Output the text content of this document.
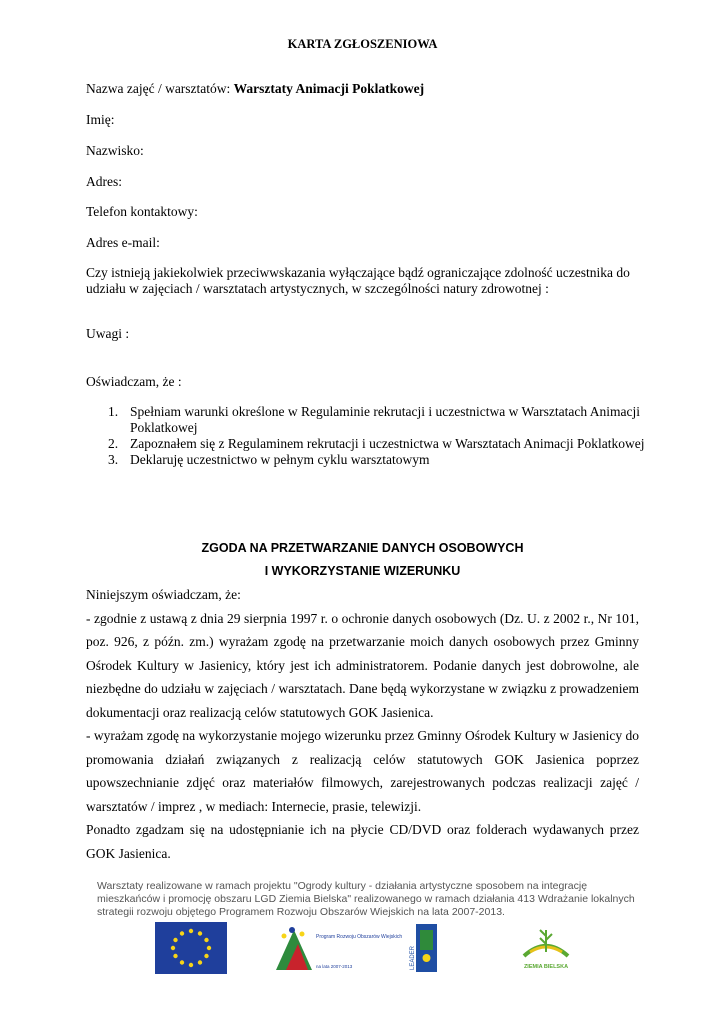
KARTA ZGŁOSZENIOWA
Nazwa zajęć / warsztatów: Warsztaty Animacji Poklatkowej
Imię:
Nazwisko:
Adres:
Telefon kontaktowy:
Adres e-mail:
Czy istnieją jakiekolwiek przeciwwskazania wyłączające bądź ograniczające zdolność uczestnika do udziału w zajęciach / warsztatach artystycznych, w szczególności natury zdrowotnej :
Uwagi :
Oświadczam, że :
1. Spełniam warunki określone w Regulaminie rekrutacji i uczestnictwa w Warsztatach Animacji Poklatkowej
2. Zapoznałem się z Regulaminem rekrutacji i uczestnictwa w Warsztatach Animacji Poklatkowej
3. Deklaruję uczestnictwo w pełnym cyklu warsztatowym
ZGODA NA PRZETWARZANIE DANYCH OSOBOWYCH
I WYKORZYSTANIE WIZERUNKU

Niniejszym oświadczam, że:

- zgodnie z ustawą z dnia 29 sierpnia 1997 r. o ochronie danych osobowych (Dz. U. z 2002 r., Nr 101, poz. 926, z późn. zm.) wyrażam zgodę na przetwarzanie moich danych osobowych przez Gminny Ośrodek Kultury w Jasienicy, który jest ich administratorem. Podanie danych jest dobrowolne, ale niezbędne do udziału w zajęciach / warsztatach. Dane będą wykorzystane w związku z prowadzeniem dokumentacji oraz realizacją celów statutowych GOK Jasienica.

- wyrażam zgodę na wykorzystanie mojego wizerunku przez Gminny Ośrodek Kultury w Jasienicy do promowania działań związanych z realizacją celów statutowych GOK Jasienica poprzez upowszechnianie zdjęć oraz materiałów filmowych, zarejestrowanych podczas realizacji zajęć / warsztatów / imprez , w mediach: Internecie, prasie, telewizji.

Ponadto zgadzam się na udostępnianie ich na płycie CD/DVD oraz folderach wydawanych przez GOK Jasienica.

Warsztaty realizowane w ramach projektu "Ogrody kultury - działania artystyczne sposobem na integrację mieszkańców i promocję obszaru LGD Ziemia Bielska" realizowanego w ramach działania 413 Wdrażanie lokalnych strategii rozwoju objętego Programem Rozwoju Obszarów Wiejskich na lata 2007-2013.
Program Rozwoju Obszarów Wiejskich
na lata 2007-2013	LEADER	ZIEMIA BIELSKA
